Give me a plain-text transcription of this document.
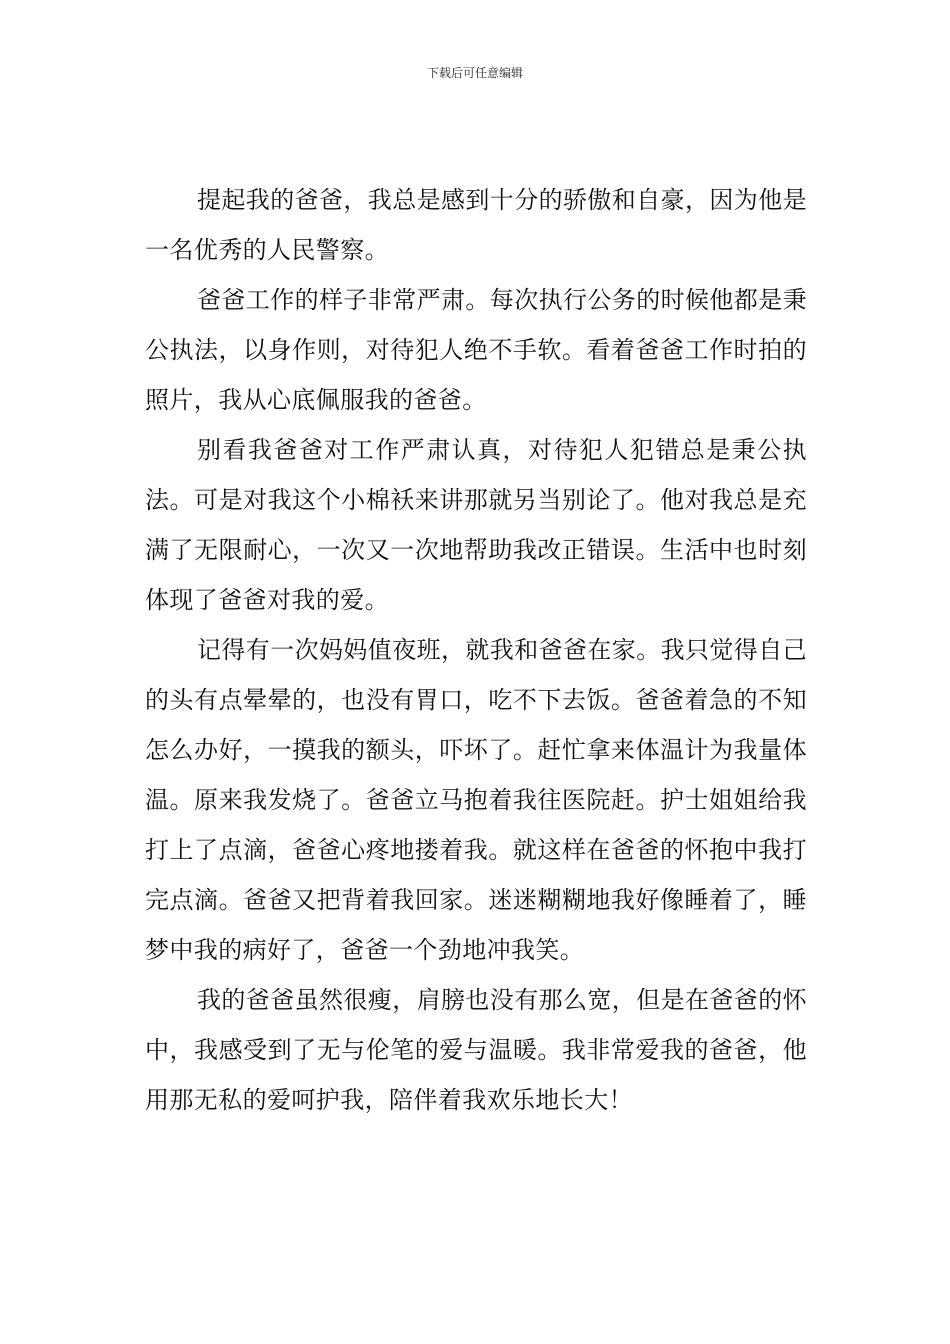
下载后可任意编辑

提起我的爸爸，我总是感到十分的骄傲和自豪，因为他是一名优秀的人民警察。

爸爸工作的样子非常严肃。每次执行公务的时候他都是秉公执法，以身作则，对待犯人绝不手软。看着爸爸工作时拍的照片，我从心底佩服我的爸爸。

别看我爸爸对工作严肃认真，对待犯人犯错总是秉公执法。可是对我这个小棉袄来讲那就另当别论了。他对我总是充满了无限耐心，一次又一次地帮助我改正错误。生活中也时刻体现了爸爸对我的爱。

记得有一次妈妈值夜班，就我和爸爸在家。我只觉得自己的头有点晕晕的，也没有胃口，吃不下去饭。爸爸着急的不知怎么办好，一摸我的额头，吓坏了。赶忙拿来体温计为我量体温。原来我发烧了。爸爸立马抱着我往医院赶。护士姐姐给我打上了点滴，爸爸心疼地搂着我。就这样在爸爸的怀抱中我打完点滴。爸爸又把背着我回家。迷迷糊糊地我好像睡着了，睡梦中我的病好了，爸爸一个劲地冲我笑。

我的爸爸虽然很瘦，肩膀也没有那么宽，但是在爸爸的怀中，我感受到了无与伦笔的爱与温暖。我非常爱我的爸爸，他用那无私的爱呵护我，陪伴着我欢乐地长大！
